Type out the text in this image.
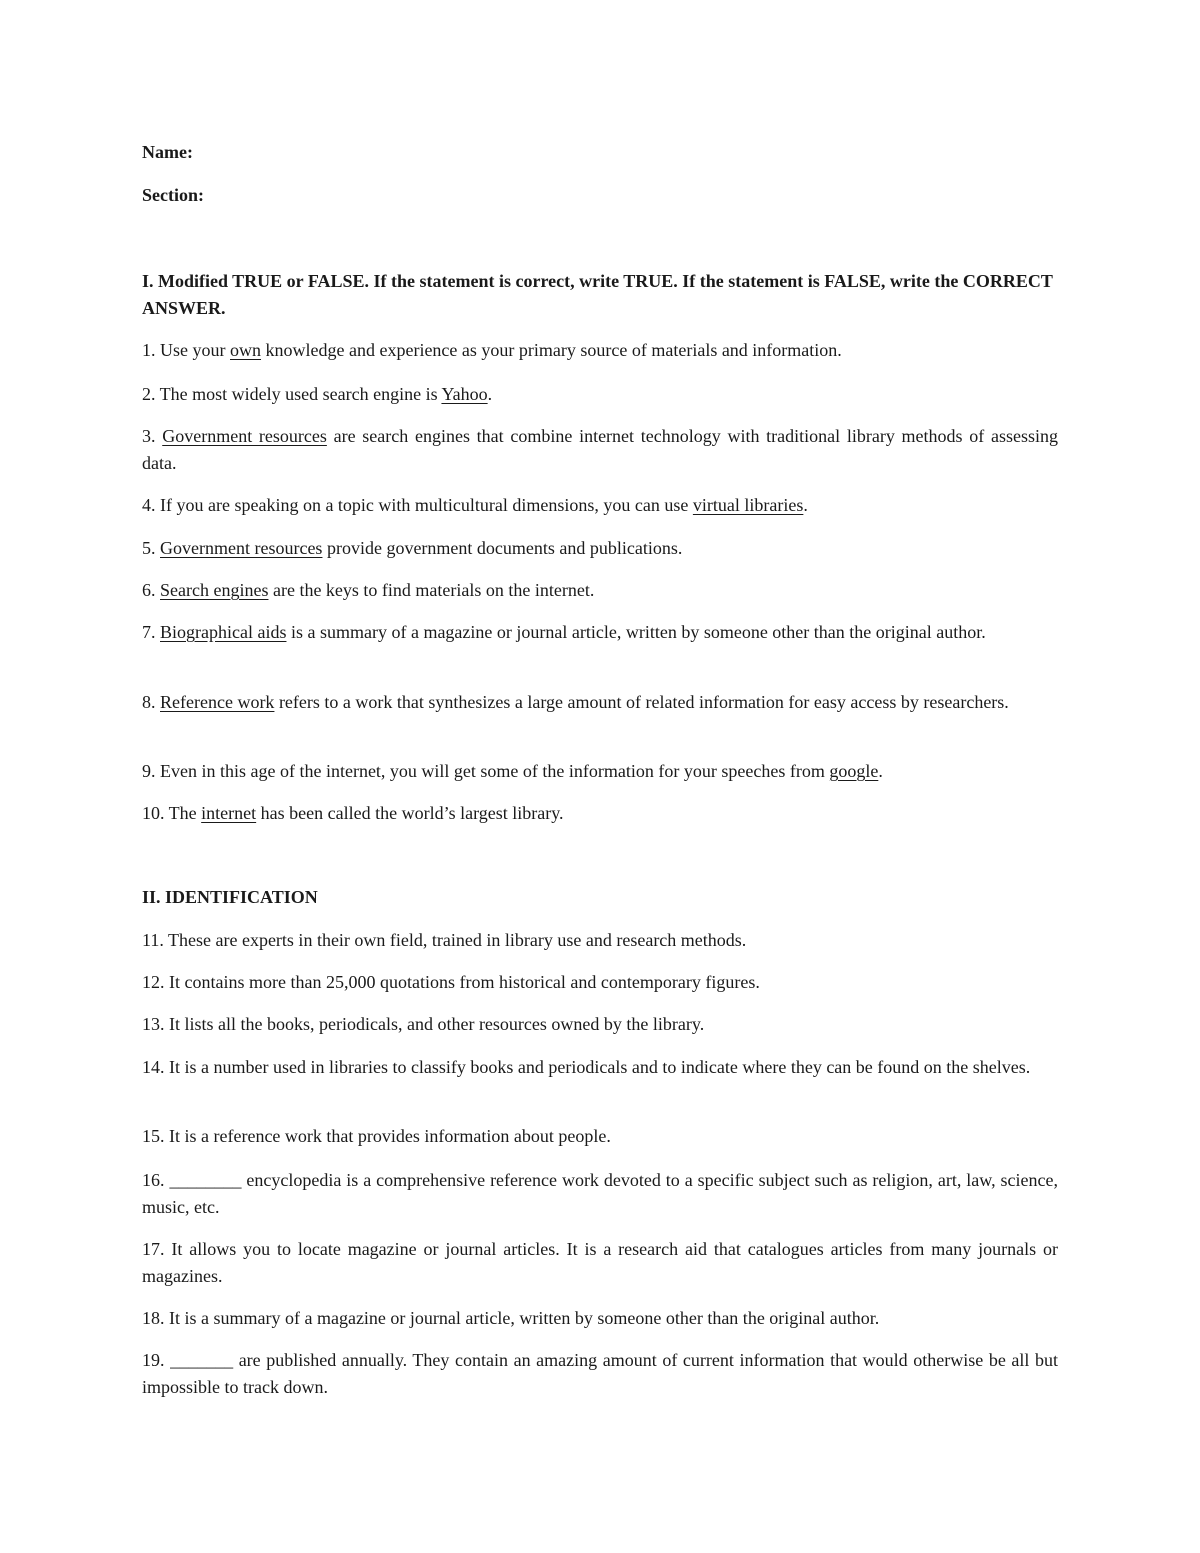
Name:
Section:
I. Modified TRUE or FALSE. If the statement is correct, write TRUE. If the statement is FALSE, write the CORRECT ANSWER.
1. Use your own knowledge and experience as your primary source of materials and information.
2. The most widely used search engine is Yahoo.
3. Government resources are search engines that combine internet technology with traditional library methods of assessing data.
4. If you are speaking on a topic with multicultural dimensions, you can use virtual libraries.
5. Government resources provide government documents and publications.
6. Search engines are the keys to find materials on the internet.
7. Biographical aids is a summary of a magazine or journal article, written by someone other than the original author.
8. Reference work refers to a work that synthesizes a large amount of related information for easy access by researchers.
9. Even in this age of the internet, you will get some of the information for your speeches from google.
10. The internet has been called the world’s largest library.
II. IDENTIFICATION
11. These are experts in their own field, trained in library use and research methods.
12. It contains more than 25,000 quotations from historical and contemporary figures.
13. It lists all the books, periodicals, and other resources owned by the library.
14. It is a number used in libraries to classify books and periodicals and to indicate where they can be found on the shelves.
15. It is a reference work that provides information about people.
16. ________ encyclopedia is a comprehensive reference work devoted to a specific subject such as religion, art, law, science, music, etc.
17. It allows you to locate magazine or journal articles. It is a research aid that catalogues articles from many journals or magazines.
18. It is a summary of a magazine or journal article, written by someone other than the original author.
19. _______ are published annually. They contain an amazing amount of current information that would otherwise be all but impossible to track down.
